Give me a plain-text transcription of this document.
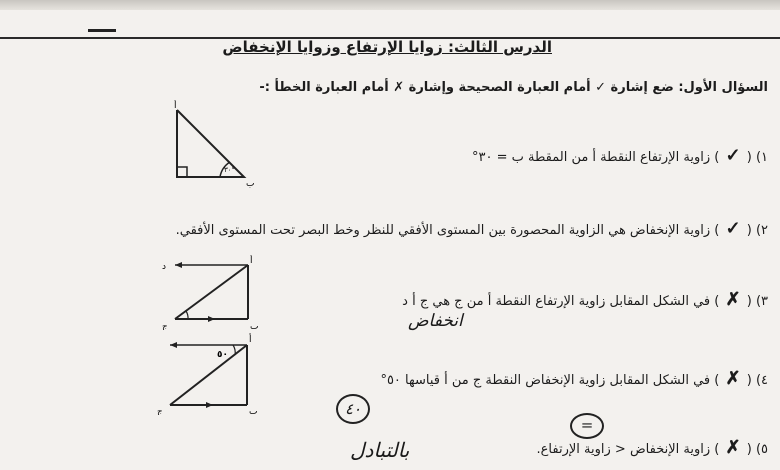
الدرس الثالث: زوايا الإرتفاع وزوايا الإنخفاض
السؤال الأول: ضع إشارة ✓ أمام العبارة الصحيحة وإشارة ✗ أمام العبارة الخطأ :-
١) ( ✓ ) زاوية الإرتفاع النقطة أ من المقطة ب = ٣٠°
٢) ( ✓ ) زاوية الإنخفاض هي الزاوية المحصورة بين المستوى الأفقي للنظر وخط البصر تحت المستوى الأفقي.
٣) ( ✗ ) في الشكل المقابل زاوية الإرتفاع النقطة أ من ج هي ج أ د
انخفاض
٤) ( ✗ ) في الشكل المقابل زاوية الإنخفاض النقطة ج من أ قياسها ٥٠°
٤٠
٥) ( ✗ ) زاوية الإنخفاض < زاوية الإرتفاع.
=
بالتبادل
أ
ب
٣٠°
أ
ب
ج
د
٥٠
أ
ب
ج
